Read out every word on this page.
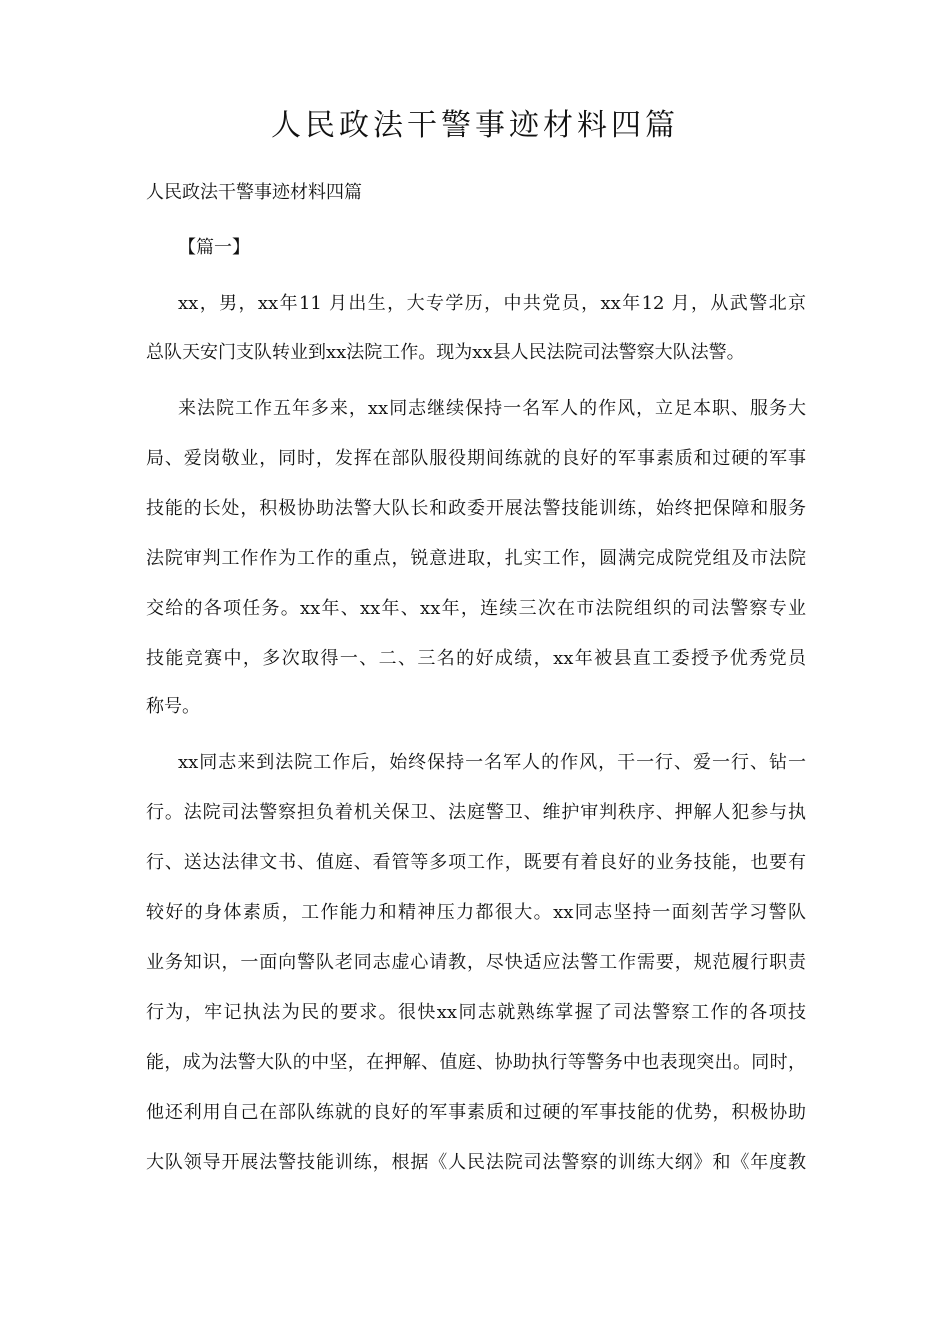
人民政法干警事迹材料四篇

人民政法干警事迹材料四篇

【篇一】

xx，男，xx年11 月出生，大专学历，中共党员，xx年12 月，从武警北京

总队天安门支队转业到xx法院工作。现为xx县人民法院司法警察大队法警。

来法院工作五年多来，xx同志继续保持一名军人的作风，立足本职、服务大

局、爱岗敬业，同时，发挥在部队服役期间练就的良好的军事素质和过硬的军事

技能的长处，积极协助法警大队长和政委开展法警技能训练，始终把保障和服务

法院审判工作作为工作的重点，锐意进取，扎实工作，圆满完成院党组及市法院

交给的各项任务。xx年、xx年、xx年，连续三次在市法院组织的司法警察专业

技能竞赛中，多次取得一、二、三名的好成绩，xx年被县直工委授予优秀党员

称号。

xx同志来到法院工作后，始终保持一名军人的作风，干一行、爱一行、钻一

行。法院司法警察担负着机关保卫、法庭警卫、维护审判秩序、押解人犯参与执

行、送达法律文书、值庭、看管等多项工作，既要有着良好的业务技能，也要有

较好的身体素质，工作能力和精神压力都很大。xx同志坚持一面刻苦学习警队

业务知识，一面向警队老同志虚心请教，尽快适应法警工作需要，规范履行职责

行为，牢记执法为民的要求。很快xx同志就熟练掌握了司法警察工作的各项技

能，成为法警大队的中坚，在押解、值庭、协助执行等警务中也表现突出。同时，

他还利用自己在部队练就的良好的军事素质和过硬的军事技能的优势，积极协助

大队领导开展法警技能训练，根据《人民法院司法警察的训练大纲》和《年度教
